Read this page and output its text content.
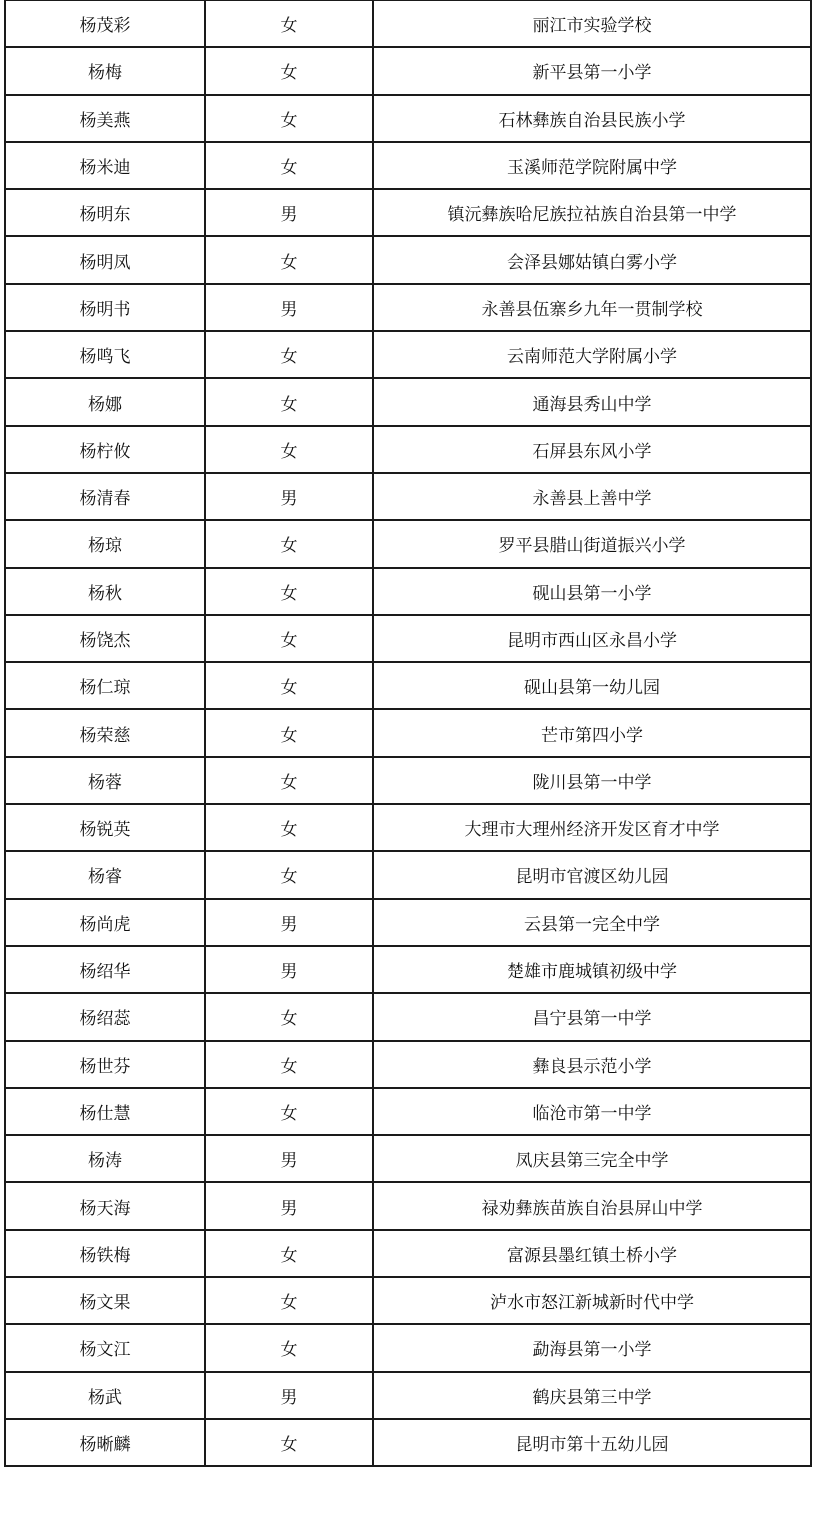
杨茂彩	女	丽江市实验学校
杨梅	女	新平县第一小学
杨美燕	女	石林彝族自治县民族小学
杨米迪	女	玉溪师范学院附属中学
杨明东	男	镇沅彝族哈尼族拉祜族自治县第一中学
杨明凤	女	会泽县娜姑镇白雾小学
杨明书	男	永善县伍寨乡九年一贯制学校
杨鸣飞	女	云南师范大学附属小学
杨娜	女	通海县秀山中学
杨柠攸	女	石屏县东风小学
杨清春	男	永善县上善中学
杨琼	女	罗平县腊山街道振兴小学
杨秋	女	砚山县第一小学
杨饶杰	女	昆明市西山区永昌小学
杨仁琼	女	砚山县第一幼儿园
杨荣慈	女	芒市第四小学
杨蓉	女	陇川县第一中学
杨锐英	女	大理市大理州经济开发区育才中学
杨睿	女	昆明市官渡区幼儿园
杨尚虎	男	云县第一完全中学
杨绍华	男	楚雄市鹿城镇初级中学
杨绍蕊	女	昌宁县第一中学
杨世芬	女	彝良县示范小学
杨仕慧	女	临沧市第一中学
杨涛	男	凤庆县第三完全中学
杨天海	男	禄劝彝族苗族自治县屏山中学
杨铁梅	女	富源县墨红镇土桥小学
杨文果	女	泸水市怒江新城新时代中学
杨文江	女	勐海县第一小学
杨武	男	鹤庆县第三中学
杨晰麟	女	昆明市第十五幼儿园
